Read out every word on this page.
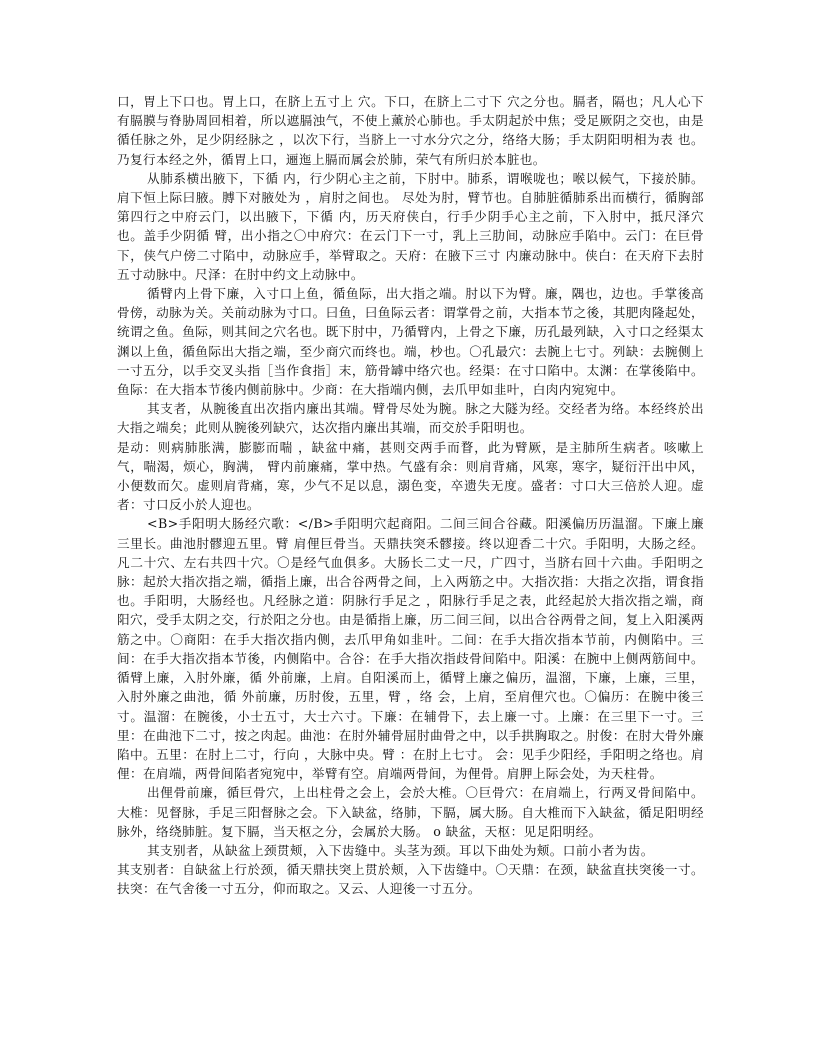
口，胃上下口也。胃上口，在脐上五寸上 穴。下口，在脐上二寸下 穴之分也。膈者，隔也；凡人心下有膈膜与脊胁周回相着，所以遮膈浊气，不使上薰於心肺也。手太阴起於中焦；受足厥阴之交也，由是循任脉之外，足少阴经脉之 ，以次下行，当脐上一寸水分穴之分，络络大肠；手太阴阳明相为表 也。乃复行本经之外，循胃上口，逦迤上膈而属会於肺，荣气有所归於本脏也。

从肺系横出腋下，下循 内，行少阴心主之前，下肘中。肺系，谓喉咙也；喉以候气，下接於肺。肩下恒上际曰腋。膊下对腋处为 ，肩肘之间也。 尽处为肘，臂节也。自肺脏循肺系出而横行，循胸部第四行之中府云门，以出腋下，下循 内，历天府侠白，行手少阴手心主之前，下入肘中，抵尺泽穴也。盖手少阴循 臂，出小指之〇中府穴：在云门下一寸，乳上三肋间，动脉应手陷中。云门：在巨骨下，侠气户傍二寸陷中，动脉应手，举臂取之。天府：在腋下三寸 内廉动脉中。侠白：在天府下去肘五寸动脉中。尺泽：在肘中约文上动脉中。

循臂内上骨下廉，入寸口上鱼，循鱼际，出大指之端。肘以下为臂。廉，隅也，边也。手掌後高骨傍，动脉为关。关前动脉为寸口。曰鱼，曰鱼际云者：谓掌骨之前，大指本节之後，其肥肉隆起处，统谓之鱼。鱼际，则其间之穴名也。既下肘中，乃循臂内，上骨之下廉，历孔最列缺，入寸口之经渠太渊以上鱼，循鱼际出大指之端，至少商穴而终也。端，杪也。〇孔最穴：去腕上七寸。列缺：去腕侧上一寸五分，以手交叉头指［当作食指］末，筋骨罅中络穴也。经渠：在寸口陷中。太渊：在掌後陷中。鱼际：在大指本节後内侧前脉中。少商：在大指端内侧，去爪甲如韭叶，白肉内宛宛中。

其支者，从腕後直出次指内廉出其端。臂骨尽处为腕。脉之大隧为经。交经者为络。本经终於出大指之端矣；此则从腕後列缺穴，达次指内廉出其端，而交於手阳明也。

是动：则病肺胀满，膨膨而喘 ，缺盆中痛，甚则交两手而瞀，此为臂厥，是主肺所生病者。咳嗽上气，喘渴，烦心，胸满， 臂内前廉痛，掌中热。气盛有余：则肩背痛，风寒，寒字，疑衍汗出中风，小便数而欠。虚则肩背痛，寒，少气不足以息，溺色变，卒遗失无度。盛者：寸口大三倍於人迎。虚者：寸口反小於人迎也。

<B>手阳明大肠经穴歌：</B>手阳明穴起商阳。二间三间合谷藏。阳溪偏历历温溜。下廉上廉三里长。曲池肘髎迎五里。臂 肩俚巨骨当。天鼎扶突禾髎接。终以迎香二十穴。手阳明，大肠之经。凡二十穴、左右共四十穴。〇是经气血俱多。大肠长二丈一尺，广四寸，当脐右回十六曲。手阳明之脉：起於大指次指之端，循指上廉，出合谷两骨之间，上入两筋之中。大指次指：大指之次指，谓食指也。手阳明，大肠经也。凡经脉之道：阴脉行手足之 ，阳脉行手足之表，此经起於大指次指之端，商阳穴，受手太阴之交，行於阳之分也。由是循指上廉，历二间三间，以出合谷两骨之间，复上入阳溪两筋之中。〇商阳：在手大指次指内侧，去爪甲角如韭叶。二间：在手大指次指本节前，内侧陷中。三间：在手大指次指本节後，内侧陷中。合谷：在手大指次指歧骨间陷中。阳溪：在腕中上侧两筋间中。循臂上廉，入肘外廉，循 外前廉，上肩。自阳溪而上，循臂上廉之偏历，温溜，下廉，上廉，三里，入肘外廉之曲池，循 外前廉，历肘俊，五里，臂 ，络 会，上肩，至肩俚穴也。〇偏历：在腕中後三寸。温溜：在腕後，小士五寸，大士六寸。下廉：在辅骨下，去上廉一寸。上廉：在三里下一寸。三里：在曲池下二寸，按之肉起。曲池：在肘外辅骨屈肘曲骨之中，以手拱胸取之。肘俊：在肘大骨外廉陷中。五里：在肘上二寸，行向 ，大脉中央。臂 ：在肘上七寸。 会：见手少阳经，手阳明之络也。肩俚：在肩端，两骨间陷者宛宛中，举臂有空。肩端两骨间，为俚骨。肩胛上际会处，为天柱骨。

出俚骨前廉，循巨骨穴，上出柱骨之会上，会於大椎。〇巨骨穴：在肩端上，行两叉骨间陷中。大椎：见督脉，手足三阳督脉之会。下入缺盆，络肺，下膈，属大肠。自大椎而下入缺盆，循足阳明经脉外，络绕肺脏。复下膈，当天枢之分，会属於大肠。 o 缺盆，天枢：见足阳明经。

其支别者，从缺盆上颈贯颊，入下齿缝中。头茎为颈。耳以下曲处为颊。口前小者为齿。

其支别者：自缺盆上行於颈，循天鼎扶突上贯於颊，入下齿缝中。〇天鼎：在颈，缺盆直扶突後一寸。扶突：在气舍後一寸五分，仰而取之。又云、人迎後一寸五分。
